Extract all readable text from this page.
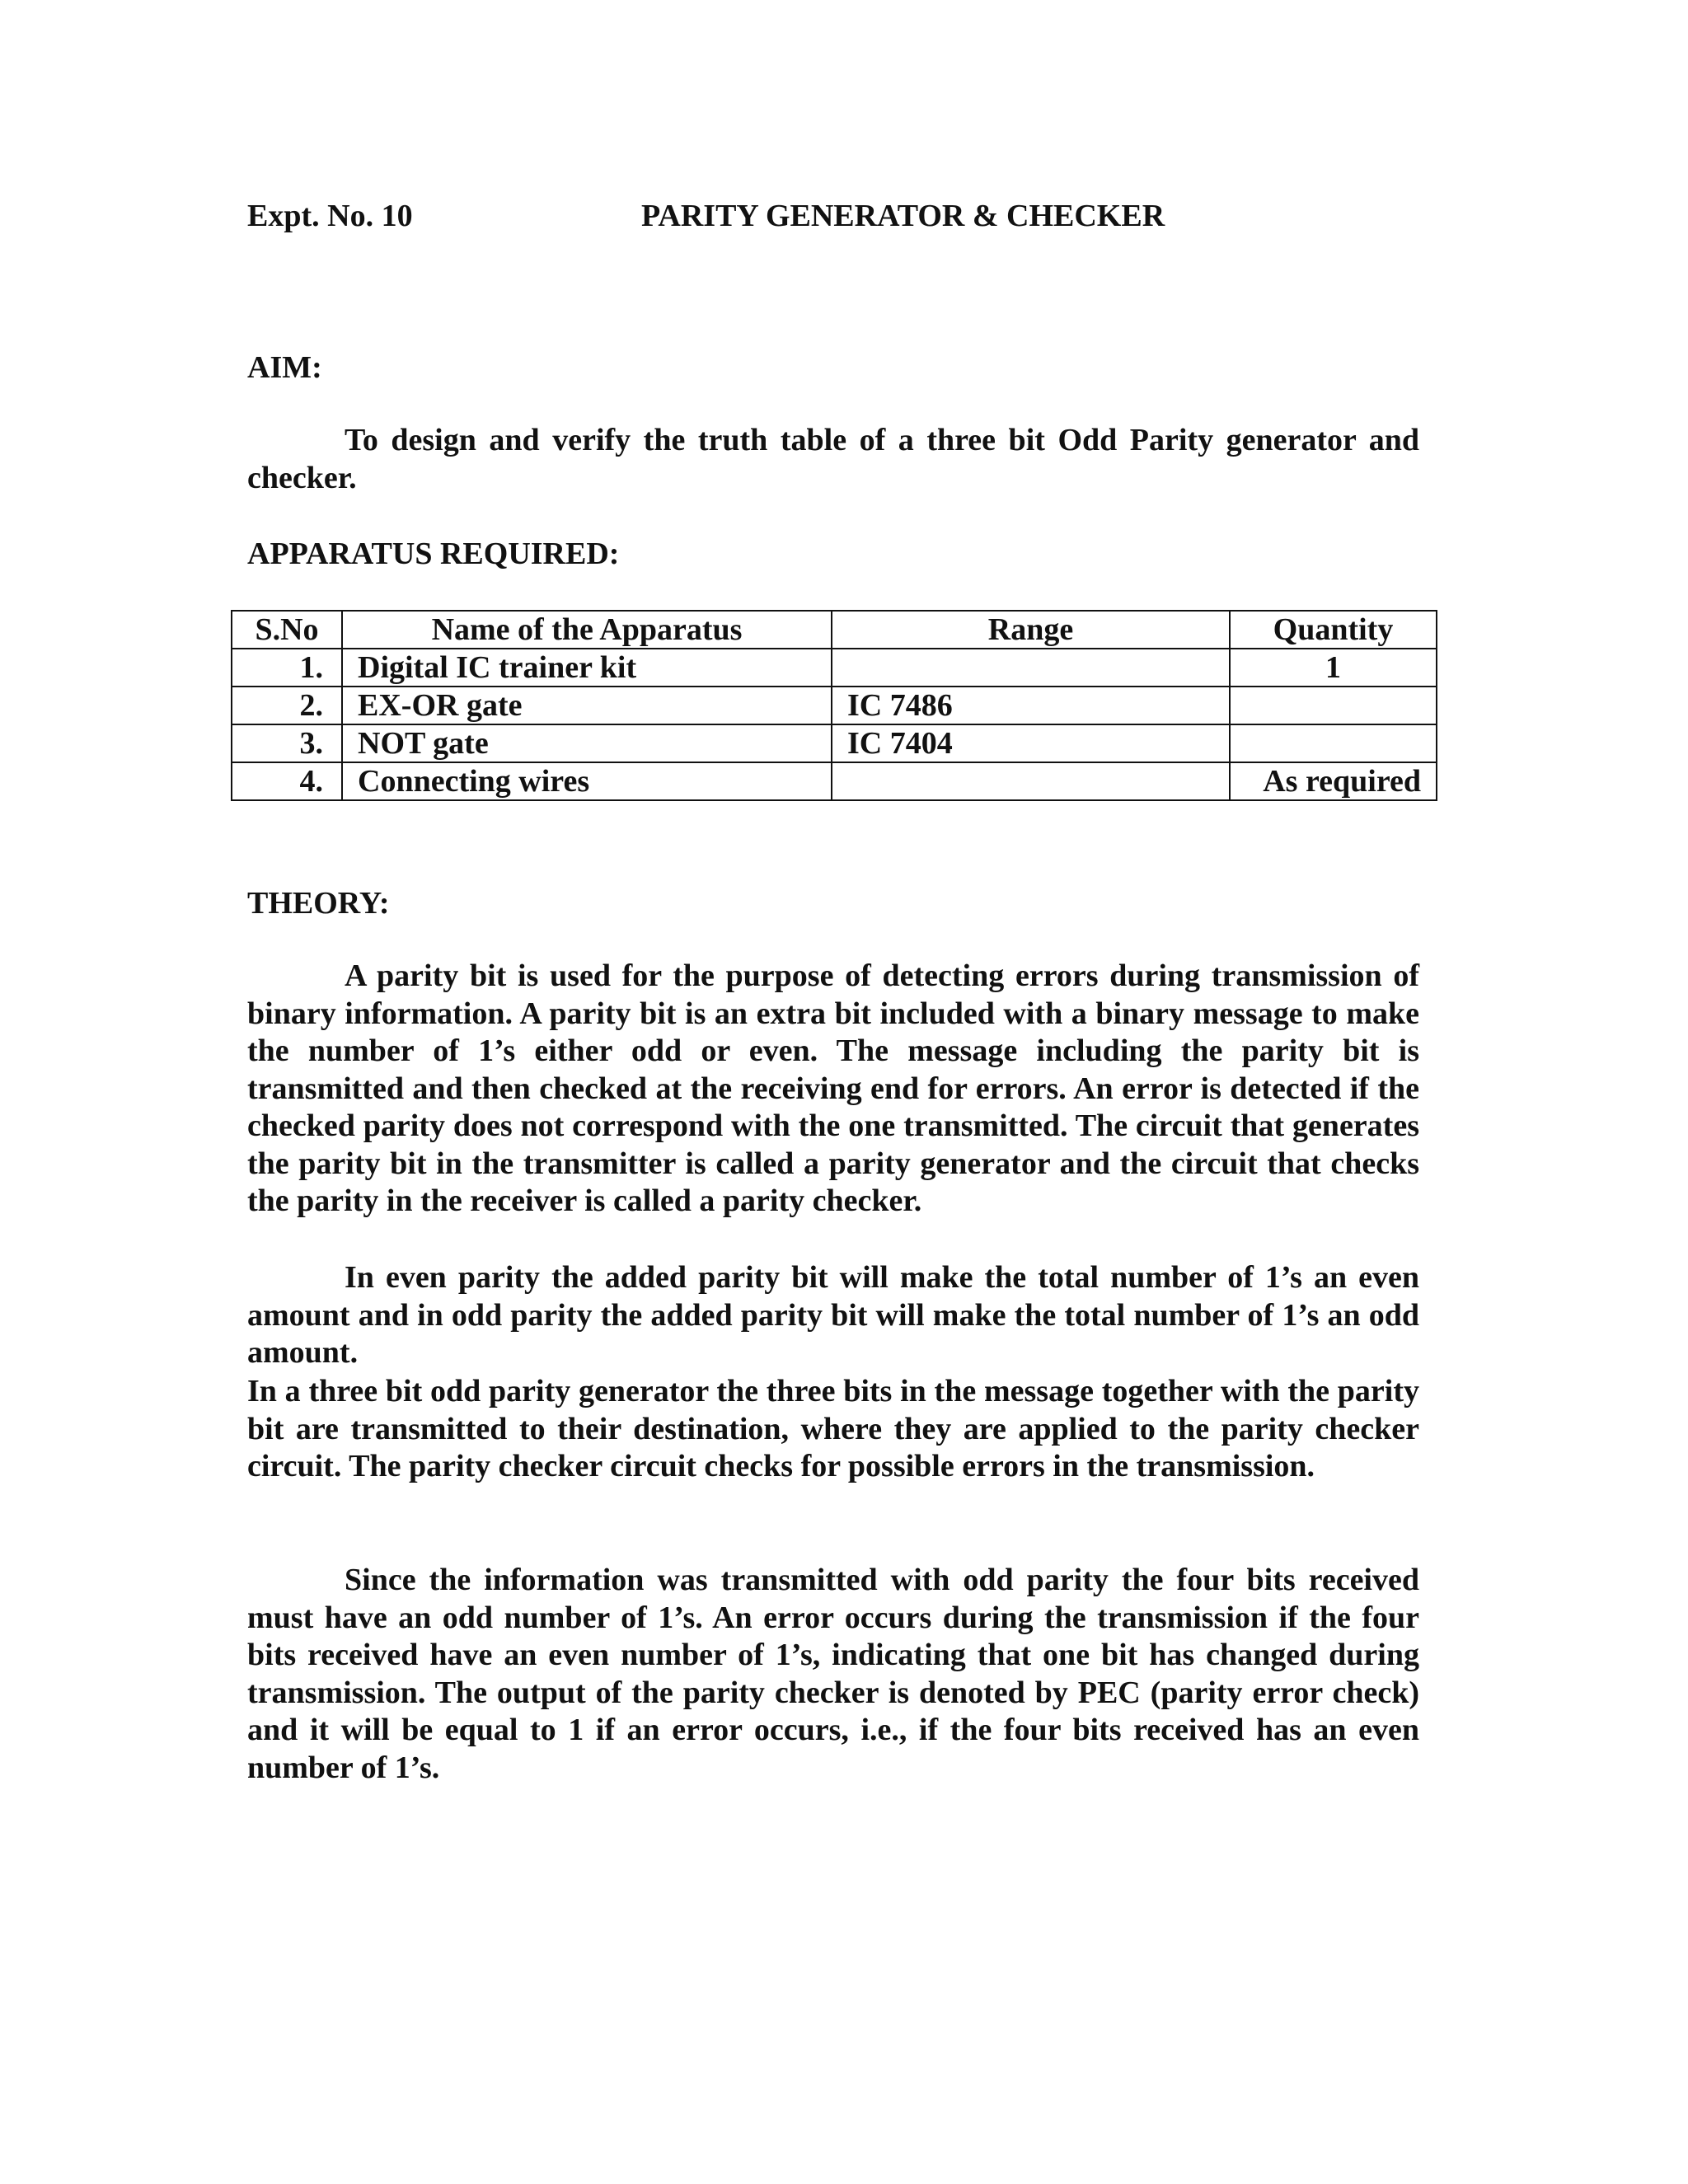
Expt. No. 10	PARITY GENERATOR & CHECKER
AIM:

To design and verify the truth table of a three bit Odd Parity generator and checker.

APPARATUS REQUIRED:
S.No	Name of the Apparatus	Range	Quantity
1.	Digital IC trainer kit		1
2.	EX-OR gate	IC 7486	
3.	NOT gate	IC 7404	
4.	Connecting wires		As required
THEORY:

A parity bit is used for the purpose of detecting errors during transmission of binary information. A parity bit is an extra bit included with a binary message to make the number of 1’s either odd or even. The message including the parity bit is transmitted and then checked at the receiving end for errors. An error is detected if the checked parity does not correspond with the one transmitted. The circuit that generates the parity bit in the transmitter is called a parity generator and the circuit that checks the parity in the receiver is called a parity checker.

In even parity the added parity bit will make the total number of 1’s an even amount and in odd parity the added parity bit will make the total number of 1’s an odd amount.

In a three bit odd parity generator the three bits in the message together with the parity bit are transmitted to their destination, where they are applied to the parity checker circuit. The parity checker circuit checks for possible errors in the transmission.

Since the information was transmitted with odd parity the four bits received must have an odd number of 1’s. An error occurs during the transmission if the four bits received have an even number of 1’s, indicating that one bit has changed during transmission. The output of the parity checker is denoted by PEC (parity error check) and it will be equal to 1 if an error occurs, i.e., if the four bits received has an even number of 1’s.
